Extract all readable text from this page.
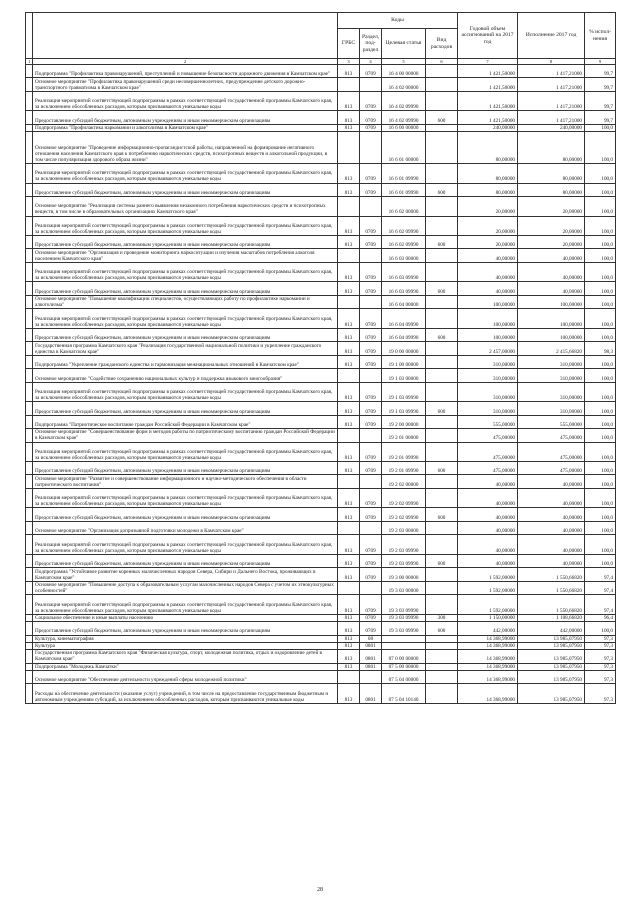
		Коды				Годовой объем ассигнований на 2017 год	Исполнение 2017 год	% испол-нения
		ГРБС	Раздел, под-раздел	Целевая статья	Вид расходов			
1	2	3	4	5	6	7	8	9
	Подпрограмма "Профилактика правонарушений, преступлений и повышение безопасности дорожного движения в Камчатском крае"	813	0709	16 4 00 00000		1 421,50000	1 417,21000	99,7
	Основное мероприятие "Профилактика правонарушений среди несовершеннолетних, предупреждение детского дорожно-транспортного травматизма в Камчатском крае"			16 4 02 00000		1 421,50000	1 417,21000	99,7
	Реализация мероприятий соответствующей подпрограммы в рамках соответствующей государственной программы Камчатского края, за исключением обособленных расходов, которым присваиваются уникальные коды	813	0709	16 4 02 09990		1 421,50000	1 417,21000	99,7
	Предоставление субсидий бюджетным, автономным учреждениям и иным некоммерческим организациям	813	0709	16 4 02 09990	600	1 421,50000	1 417,21000	99,7
	Подпрограмма "Профилактика наркомании и алкоголизма в Камчатском крае"	813	0709	16 6 00 00000		240,00000	240,00000	100,0
	Основное мероприятие "Проведение информационно-пропагандистской работы, направленной на формирование негативного отношения населения Камчатского края к потреблению наркотических средств, психотропных веществ и алкогольной продукции, в том числе популяризация здорового образа жизни"			16 6 01 00000		80,00000	80,00000	100,0
	Реализация мероприятий соответствующей подпрограммы в рамках соответствующей государственной программы Камчатского края, за исключением обособленных расходов, которым присваиваются уникальные коды	813	0709	16 6 01 09990		80,00000	80,00000	100,0
	Предоставление субсидий бюджетным, автономным учреждениям и иным некоммерческим организациям	813	0709	16 6 01 09990	600	80,00000	80,00000	100,0
	Основное мероприятие "Реализация системы раннего выявления незаконного потребления наркотических средств и психотропных веществ, в том числе в образовательных организациях Камчатского края"			16 6 02 00000		20,00000	20,00000	100,0
	Реализация мероприятий соответствующей подпрограммы в рамках соответствующей государственной программы Камчатского края, за исключением обособленных расходов, которым присваиваются уникальные коды	813	0709	16 6 02 09990		20,00000	20,00000	100,0
	Предоставление субсидий бюджетным, автономным учреждениям и иным некоммерческим организациям	813	0709	16 6 02 09990	600	20,00000	20,00000	100,0
	Основное мероприятие "Организация и проведение мониторинга наркоситуации и изучения масштабов потребления алкоголя населением Камчатского края"			16 6 03 00000		40,00000	40,00000	100,0
	Реализация мероприятий соответствующей подпрограммы в рамках соответствующей государственной программы Камчатского края, за исключением обособленных расходов, которым присваиваются уникальные коды	813	0709	16 6 03 09990		40,00000	40,00000	100,0
	Предоставление субсидий бюджетным, автономным учреждениям и иным некоммерческим организациям	813	0709	16 6 03 09990	600	40,00000	40,00000	100,0
	Основное мероприятие "Повышение квалификации специалистов, осуществляющих работу по профилактике наркомании и алкоголизма"			16 6 04 00000		100,00000	100,00000	100,0
	Реализация мероприятий соответствующей подпрограммы в рамках соответствующей государственной программы Камчатского края, за исключением обособленных расходов, которым присваиваются уникальные коды	813	0709	16 6 04 09990		100,00000	100,00000	100,0
	Предоставление субсидий бюджетным, автономным учреждениям и иным некоммерческим организациям	813	0709	16 6 04 09990	600	100,00000	100,00000	100,0
	Государственная программа Камчатского края "Реализация государственной национальной политики и укрепление гражданского единства в Камчатском крае"	813	0709	19 0 00 00000		2 457,00000	2 415,66820	98,3
	Подпрограмма "Укрепление гражданского единства и гармонизация межнациональных отношений в Камчатском крае"	813	0709	19 1 00 00000		310,00000	310,00000	100,0
	Основное мероприятие "Содействие сохранению национальных культур и поддержка языкового многообразия"			19 1 03 00000		310,00000	310,00000	100,0
	Реализация мероприятий соответствующей подпрограммы в рамках соответствующей государственной программы Камчатского края, за исключением обособленных расходов, которым присваиваются уникальные коды	813	0709	19 1 03 09990		310,00000	310,00000	100,0
	Предоставление субсидий бюджетным, автономным учреждениям и иным некоммерческим организациям	813	0709	19 1 03 09990	600	310,00000	310,00000	100,0
	Подпрограмма "Патриотическое воспитание граждан Российской Федерации в Камчатском крае"	813	0709	19 2 00 00000		555,00000	555,00000	100,0
	Основное мероприятие "Совершенствование форм и методов работы по патриотическому воспитанию граждан Российской Федерации в Камчатском крае"			19 2 01 00000		475,00000	475,00000	100,0
	Реализация мероприятий соответствующей подпрограммы в рамках соответствующей государственной программы Камчатского края, за исключением обособленных расходов, которым присваиваются уникальные коды	813	0709	19 2 01 09990		475,00000	475,00000	100,0
	Предоставление субсидий бюджетным, автономным учреждениям и иным некоммерческим организациям	813	0709	19 2 01 09990	600	475,00000	475,00000	100,0
	Основное мероприятие "Развитие и совершенствование информационного и научно-методического обеспечения в области патриотического воспитания"			19 2 02 00000		40,00000	40,00000	100,0
	Реализация мероприятий соответствующей подпрограммы в рамках соответствующей государственной программы Камчатского края, за исключением обособленных расходов, которым присваиваются уникальные коды	813	0709	19 2 02 09990		40,00000	40,00000	100,0
	Предоставление субсидий бюджетным, автономным учреждениям и иным некоммерческим организациям	813	0709	19 2 02 09990	600	40,00000	40,00000	100,0
	Основное мероприятие "Организация допризывной подготовки молодежи в Камчатском крае"			19 2 03 00000		40,00000	40,00000	100,0
	Реализация мероприятий соответствующей подпрограммы в рамках соответствующей государственной программы Камчатского края, за исключением обособленных расходов, которым присваиваются уникальные коды	813	0709	19 2 03 09990		40,00000	40,00000	100,0
	Предоставление субсидий бюджетным, автономным учреждениям и иным некоммерческим организациям	813	0709	19 2 03 09990	600	40,00000	40,00000	100,0
	Подпрограмма "Устойчивое развитие коренных малочисленных народов Севера, Сибири и Дальнего Востока, проживающих в Камчатском крае"	813	0709	19 3 00 00000		1 592,00000	1 550,66820	97,4
	Основное мероприятие "Повышение доступа к образовательным услугам малочисленных народов Севера с учетом их этнокультурных особенностей"			19 3 03 00000		1 592,00000	1 550,66820	97,4
	Реализация мероприятий соответствующей подпрограммы в рамках соответствующей государственной программы Камчатского края, за исключением обособленных расходов, которым присваиваются уникальные коды	813	0709	19 3 03 09990		1 592,00000	1 550,66820	97,4
	Социальное обеспечение и иные выплаты населению	813	0709	19 3 03 09990	300	1 150,00000	1 108,66820	96,4
	Предоставление субсидий бюджетным, автономным учреждениям и иным некоммерческим организациям	813	0709	19 3 03 09990	600	442,00000	442,00000	100,0
	Культура, кинематография	813	08			14 368,99000	13 985,07950	97,3
	Культура	813	0801			14 368,99000	13 985,07950	97,3
	Государственная программа Камчатского края "Физическая культура, спорт, молодежная политика, отдых и оздоровление детей в Камчатском крае"	813	0801	07 0 00 00000		14 368,99000	13 985,07950	97,3
	Подпрограмма "Молодежь Камчатки"	813	0801	07 5 00 00000		14 368,99000	13 985,07950	97,3
	Основное мероприятие "Обеспечение деятельности учреждений сферы молодежной политики"			07 5 04 00000		14 368,99000	13 985,07950	97,3
	Расходы на обеспечение деятельности (оказание услуг) учреждений, в том числе на предоставление государственным бюджетным и автономным учреждениям субсидий, за исключением обособленных расходов, которым присваиваются уникальные коды	813	0801	07 5 04 10140		14 368,99000	13 985,07950	97,3
28
